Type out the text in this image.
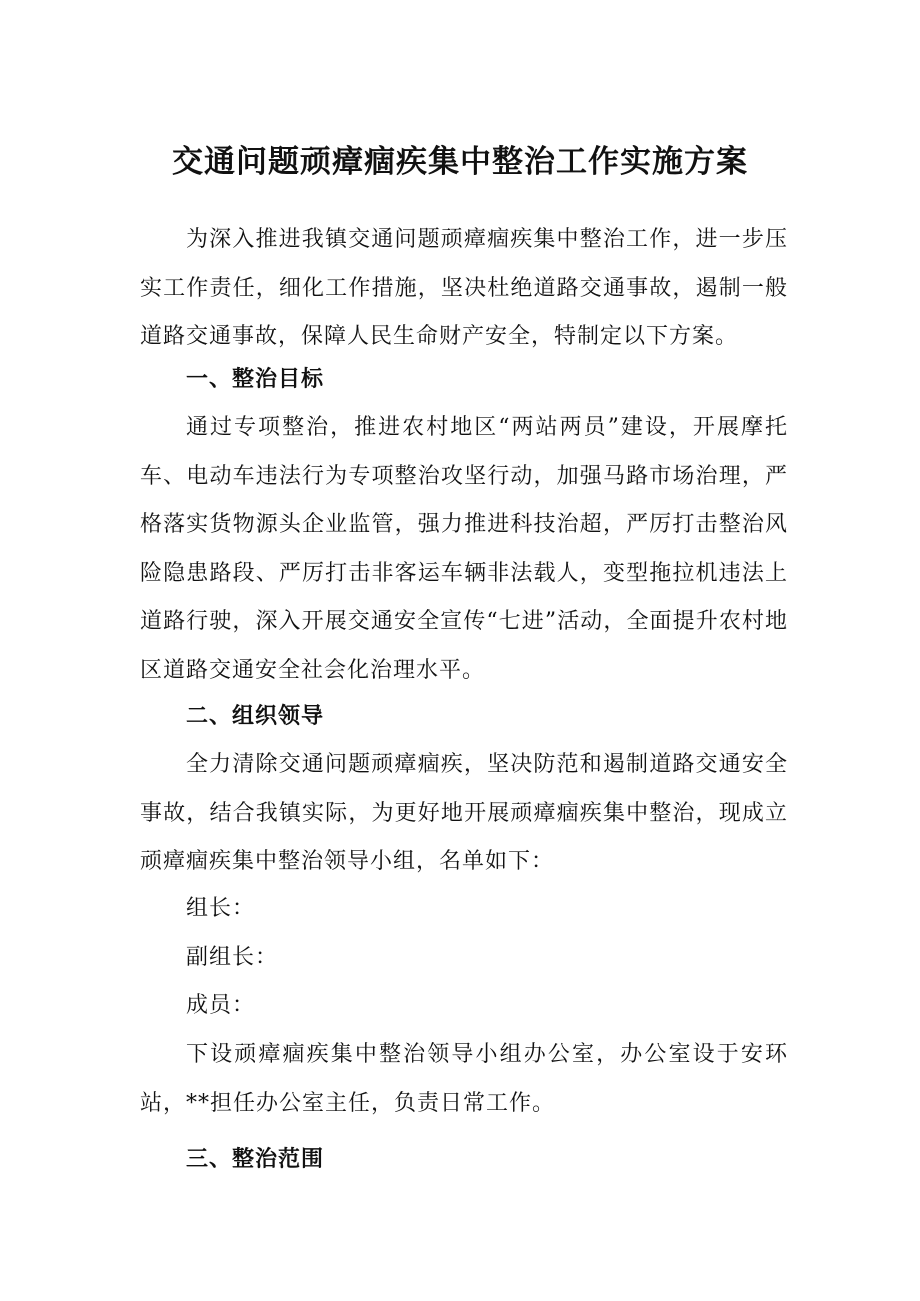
交通问题顽瘴痼疾集中整治工作实施方案

为深入推进我镇交通问题顽瘴痼疾集中整治工作，进一步压实工作责任，细化工作措施，坚决杜绝道路交通事故，遏制一般道路交通事故，保障人民生命财产安全，特制定以下方案。

一、整治目标

通过专项整治，推进农村地区“两站两员”建设，开展摩托车、电动车违法行为专项整治攻坚行动，加强马路市场治理，严格落实货物源头企业监管，强力推进科技治超，严厉打击整治风险隐患路段、严厉打击非客运车辆非法载人，变型拖拉机违法上道路行驶，深入开展交通安全宣传“七进”活动，全面提升农村地区道路交通安全社会化治理水平。

二、组织领导

全力清除交通问题顽瘴痼疾，坚决防范和遏制道路交通安全事故，结合我镇实际，为更好地开展顽瘴痼疾集中整治，现成立顽瘴痼疾集中整治领导小组，名单如下：

组长：

副组长：

成员：

下设顽瘴痼疾集中整治领导小组办公室，办公室设于安环站，**担任办公室主任，负责日常工作。

三、整治范围
